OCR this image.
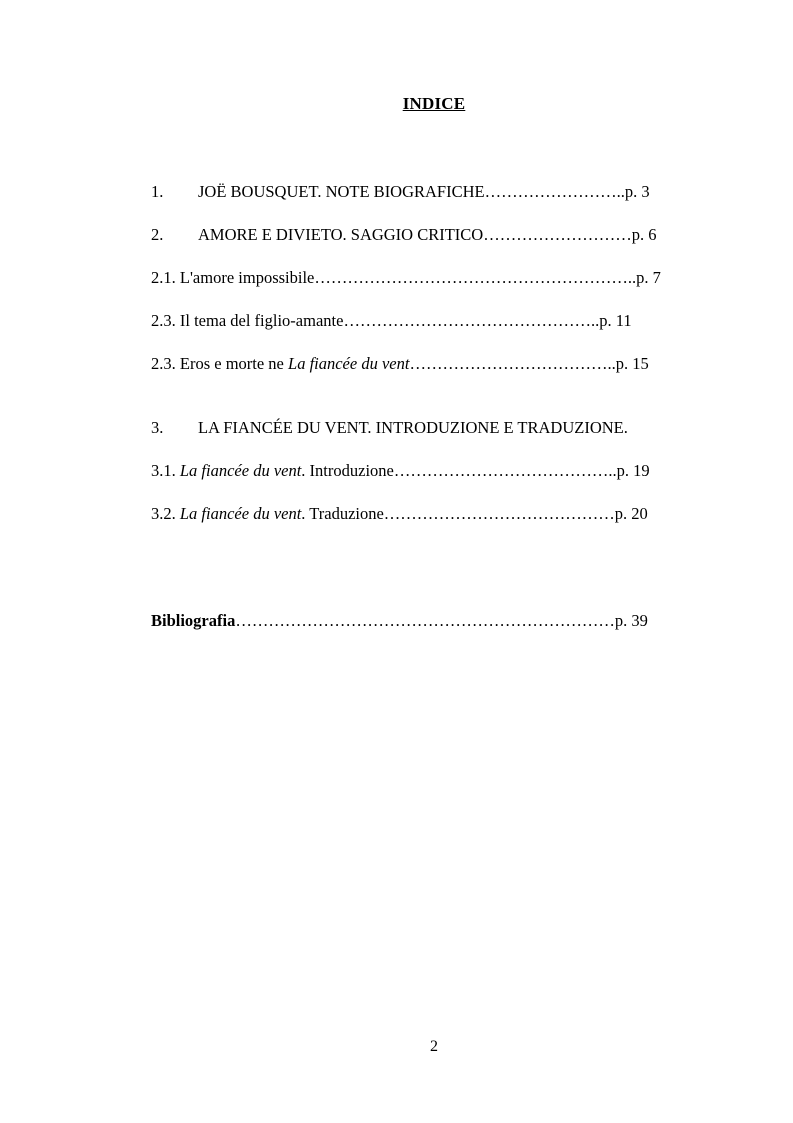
INDICE
1. JOË BOUSQUET. NOTE BIOGRAFICHE……………………..p. 3
2. AMORE E DIVIETO. SAGGIO CRITICO………………………p. 6
2.1. L'amore impossibile…………………………………………………..p. 7
2.3. Il tema del figlio-amante………………………………………..p. 11
2.3. Eros e morte ne La fiancée du vent………………………………..p. 15
3. LA FIANCÉE DU VENT. INTRODUZIONE E TRADUZIONE.
3.1. La fiancée du vent. Introduzione…………………………………..p. 19
3.2. La fiancée du vent. Traduzione……………………………………p. 20
Bibliografia……………………………………………………………p. 39
2
